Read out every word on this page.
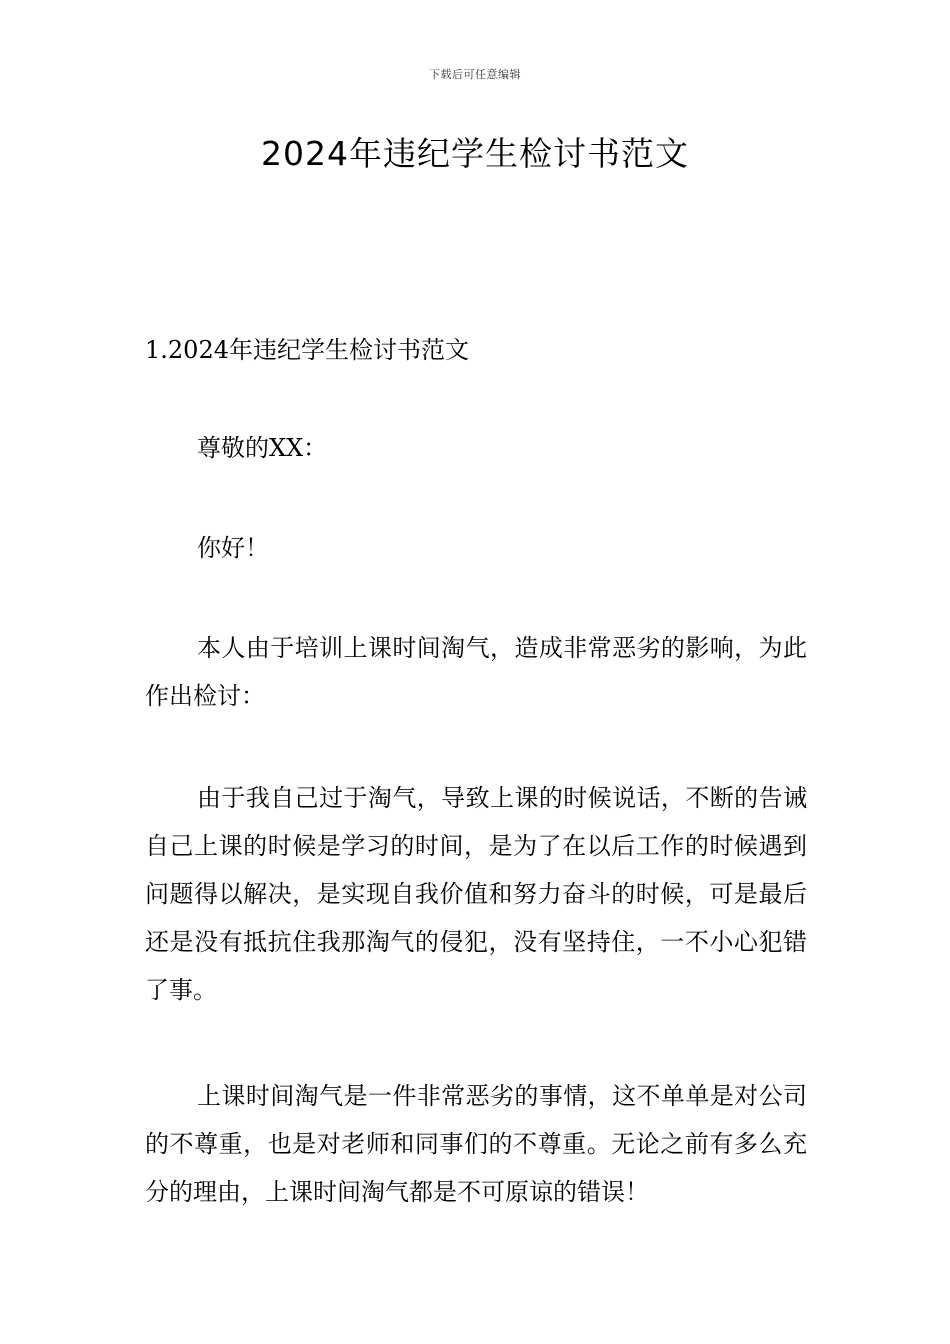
下载后可任意编辑
2024年违纪学生检讨书范文

1.2024年违纪学生检讨书范文

尊敬的XX：

你好！

本人由于培训上课时间淘气，造成非常恶劣的影响，为此作出检讨：

由于我自己过于淘气，导致上课的时候说话，不断的告诫自己上课的时候是学习的时间，是为了在以后工作的时候遇到问题得以解决，是实现自我价值和努力奋斗的时候，可是最后还是没有抵抗住我那淘气的侵犯，没有坚持住，一不小心犯错了事。

上课时间淘气是一件非常恶劣的事情，这不单单是对公司的不尊重，也是对老师和同事们的不尊重。无论之前有多么充分的理由，上课时间淘气都是不可原谅的错误！
